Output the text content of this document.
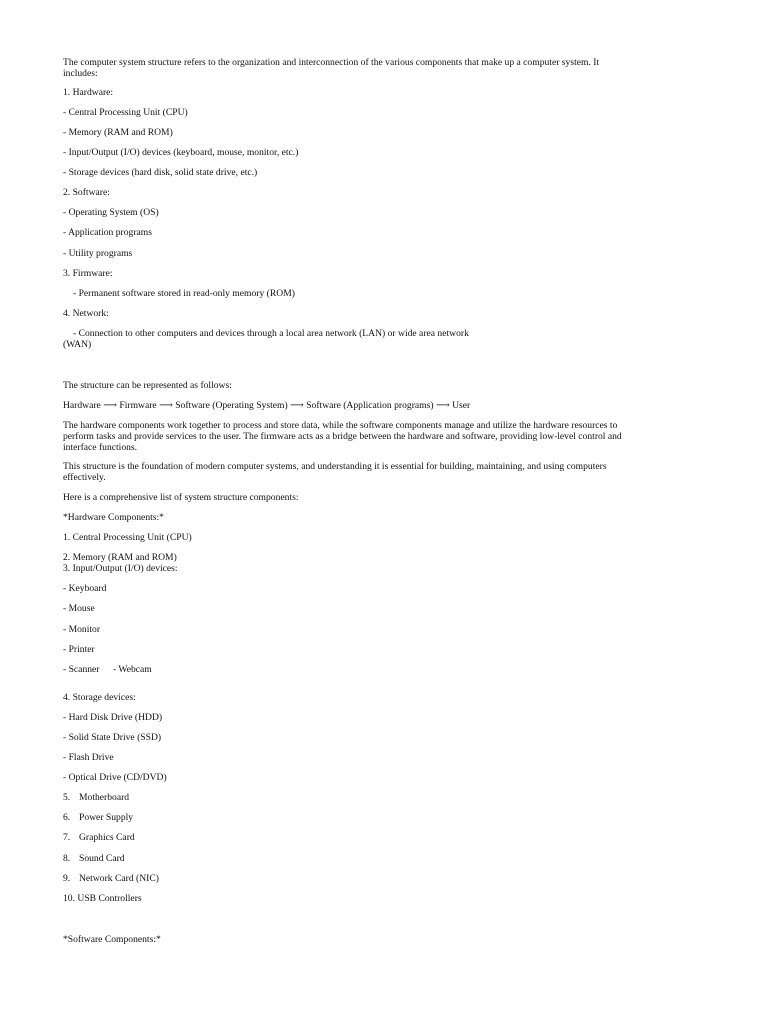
The computer system structure refers to the organization and interconnection of the various components that make up a computer system. It includes:

1. Hardware:

- Central Processing Unit (CPU)

- Memory (RAM and ROM)

- Input/Output (I/O) devices (keyboard, mouse, monitor, etc.)

- Storage devices (hard disk, solid state drive, etc.)

2. Software:

- Operating System (OS)

- Application programs

- Utility programs

3. Firmware:

- Permanent software stored in read-only memory (ROM)

4. Network:

- Connection to other computers and devices through a local area network (LAN) or wide area network

(WAN)

The structure can be represented as follows:

Hardware ⟶ Firmware ⟶ Software (Operating System) ⟶ Software (Application programs) ⟶ User

The hardware components work together to process and store data, while the software components manage and utilize the hardware resources to perform tasks and provide services to the user. The firmware acts as a bridge between the hardware and software, providing low-level control and interface functions.

This structure is the foundation of modern computer systems, and understanding it is essential for building, maintaining, and using computers effectively.

Here is a comprehensive list of system structure components:

*Hardware Components:*

1. Central Processing Unit (CPU)

2. Memory (RAM and ROM)

3. Input/Output (I/O) devices:

- Keyboard

- Mouse

- Monitor

- Printer

- Scanner - Webcam

4. Storage devices:

- Hard Disk Drive (HDD)

- Solid State Drive (SSD)

- Flash Drive

- Optical Drive (CD/DVD)

5. Motherboard

6. Power Supply

7. Graphics Card

8. Sound Card

9. Network Card (NIC)

10. USB Controllers

*Software Components:*
